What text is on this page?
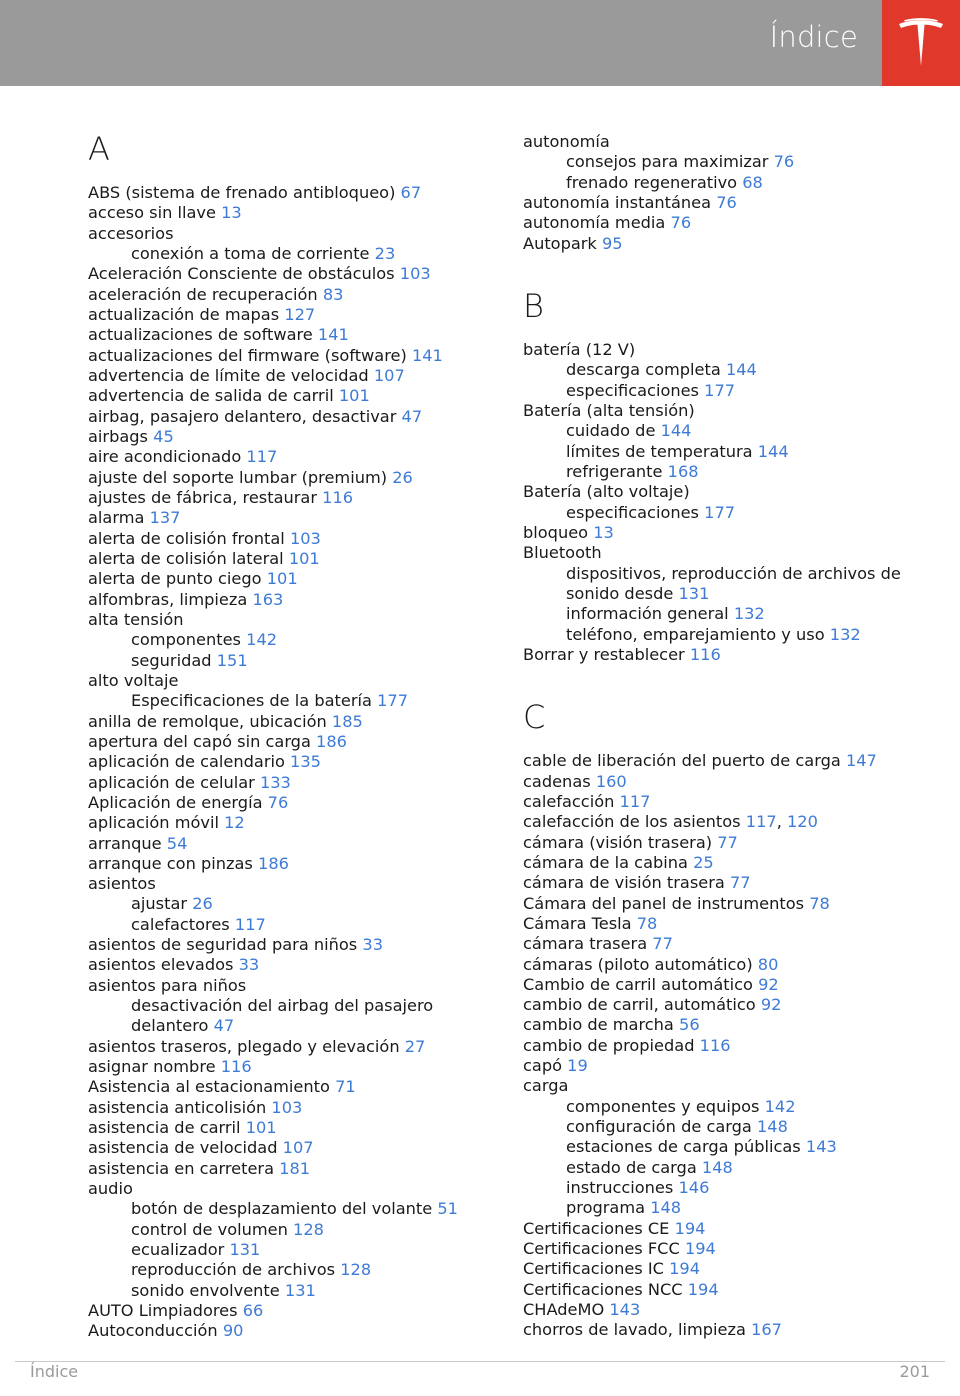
Índice
A
ABS (sistema de frenado antibloqueo) 67
acceso sin llave 13
accesorios
conexión a toma de corriente 23
Aceleración Consciente de obstáculos 103
aceleración de recuperación 83
actualización de mapas 127
actualizaciones de software 141
actualizaciones del firmware (software) 141
advertencia de límite de velocidad 107
advertencia de salida de carril 101
airbag, pasajero delantero, desactivar 47
airbags 45
aire acondicionado 117
ajuste del soporte lumbar (premium) 26
ajustes de fábrica, restaurar 116
alarma 137
alerta de colisión frontal 103
alerta de colisión lateral 101
alerta de punto ciego 101
alfombras, limpieza 163
alta tensión
componentes 142
seguridad 151
alto voltaje
Especificaciones de la batería 177
anilla de remolque, ubicación 185
apertura del capó sin carga 186
aplicación de calendario 135
aplicación de celular 133
Aplicación de energía 76
aplicación móvil 12
arranque 54
arranque con pinzas 186
asientos
ajustar 26
calefactores 117
asientos de seguridad para niños 33
asientos elevados 33
asientos para niños
desactivación del airbag del pasajero delantero 47
asientos traseros, plegado y elevación 27
asignar nombre 116
Asistencia al estacionamiento 71
asistencia anticolisión 103
asistencia de carril 101
asistencia de velocidad 107
asistencia en carretera 181
audio
botón de desplazamiento del volante 51
control de volumen 128
ecualizador 131
reproducción de archivos 128
sonido envolvente 131
AUTO Limpiadores 66
Autoconducción 90
autonomía
consejos para maximizar 76
frenado regenerativo 68
autonomía instantánea 76
autonomía media 76
Autopark 95
B
batería (12 V)
descarga completa 144
especificaciones 177
Batería (alta tensión)
cuidado de 144
límites de temperatura 144
refrigerante 168
Batería (alto voltaje)
especificaciones 177
bloqueo 13
Bluetooth
dispositivos, reproducción de archivos de sonido desde 131
información general 132
teléfono, emparejamiento y uso 132
Borrar y restablecer 116
C
cable de liberación del puerto de carga 147
cadenas 160
calefacción 117
calefacción de los asientos 117, 120
cámara (visión trasera) 77
cámara de la cabina 25
cámara de visión trasera 77
Cámara del panel de instrumentos 78
Cámara Tesla 78
cámara trasera 77
cámaras (piloto automático) 80
Cambio de carril automático 92
cambio de carril, automático 92
cambio de marcha 56
cambio de propiedad 116
capó 19
carga
componentes y equipos 142
configuración de carga 148
estaciones de carga públicas 143
estado de carga 148
instrucciones 146
programa 148
Certificaciones CE 194
Certificaciones FCC 194
Certificaciones IC 194
Certificaciones NCC 194
CHAdeMO 143
chorros de lavado, limpieza 167
Índice	201
